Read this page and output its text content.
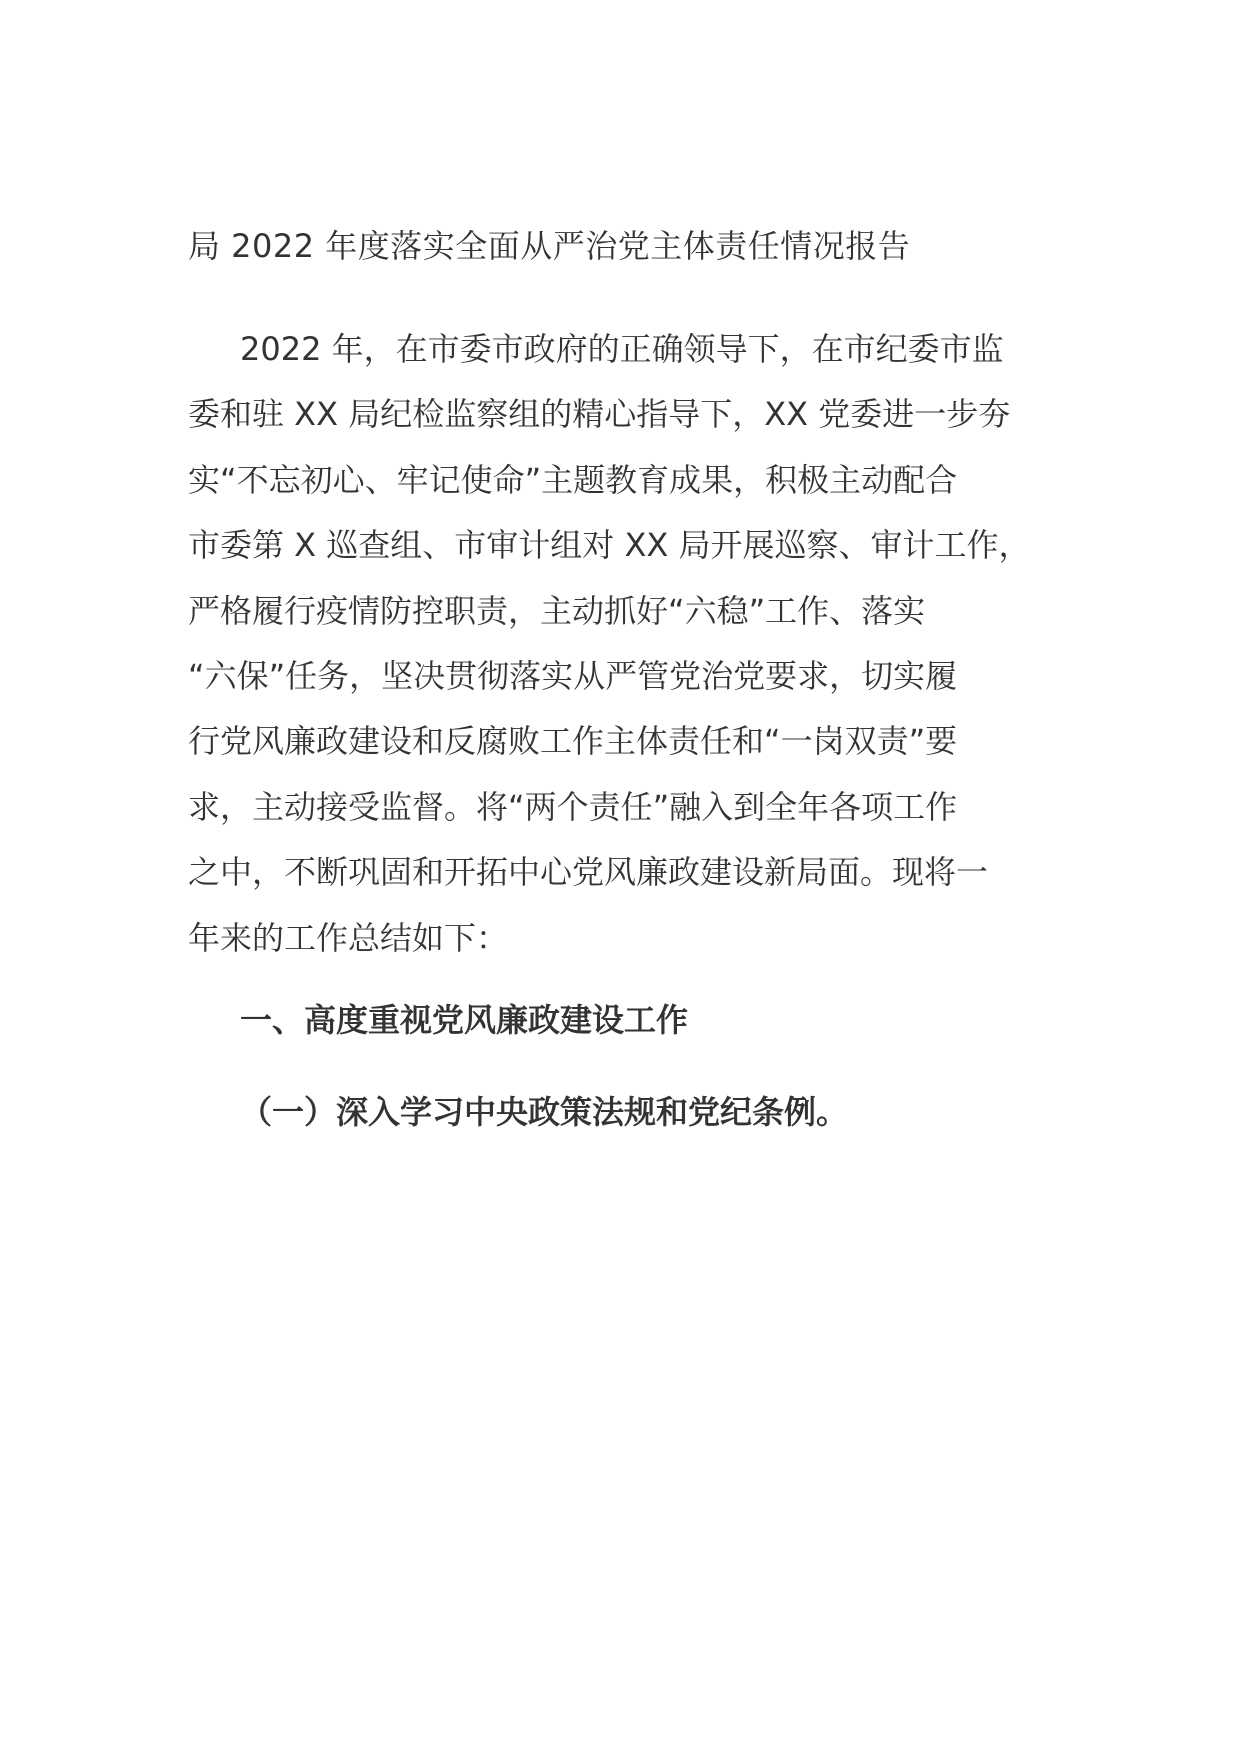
局 2022 年度落实全面从严治党主体责任情况报告
2022 年，在市委市政府的正确领导下，在市纪委市监
委和驻 XX 局纪检监察组的精心指导下，XX 党委进一步夯
实“不忘初心、牢记使命”主题教育成果，积极主动配合
市委第 X 巡查组、市审计组对 XX 局开展巡察、审计工作，
严格履行疫情防控职责，主动抓好“六稳”工作、落实
“六保”任务，坚决贯彻落实从严管党治党要求，切实履
行党风廉政建设和反腐败工作主体责任和“一岗双责”要
求，主动接受监督。将“两个责任”融入到全年各项工作
之中，不断巩固和开拓中心党风廉政建设新局面。现将一
年来的工作总结如下：
一、高度重视党风廉政建设工作
（一）深入学习中央政策法规和党纪条例。
